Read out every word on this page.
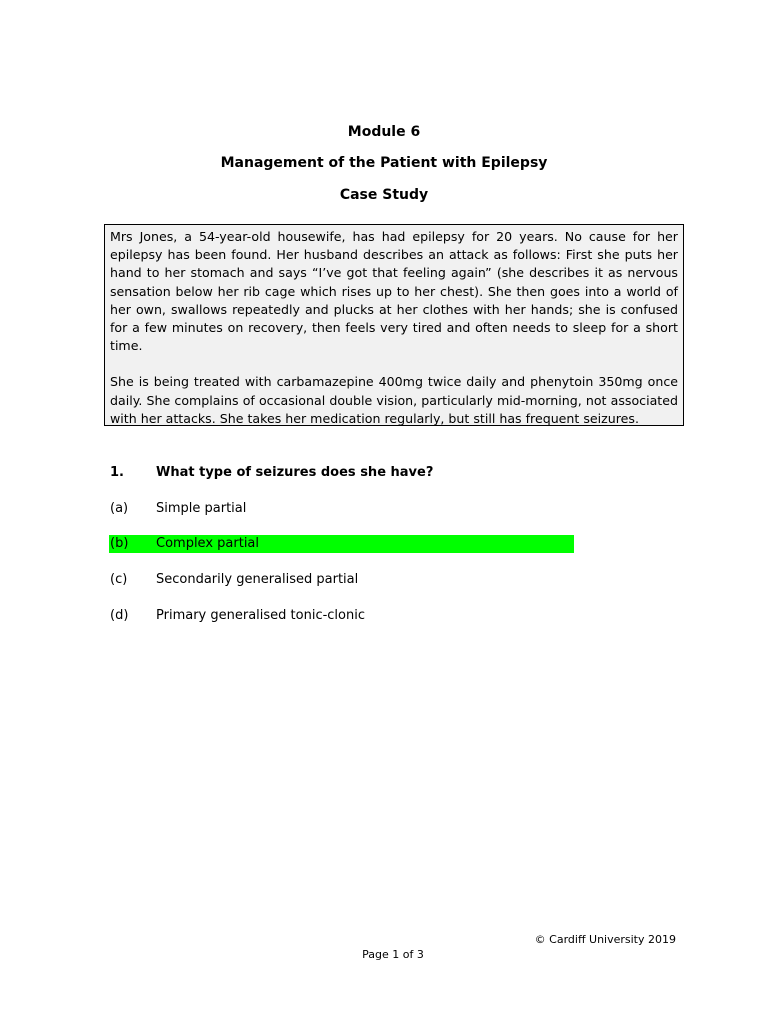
Module 6
Management of the Patient with Epilepsy
Case Study

Mrs Jones, a 54-year-old housewife, has had epilepsy for 20 years. No cause for her epilepsy has been found. Her husband describes an attack as follows: First she puts her hand to her stomach and says “I’ve got that feeling again” (she describes it as nervous sensation below her rib cage which rises up to her chest). She then goes into a world of her own, swallows repeatedly and plucks at her clothes with her hands; she is confused for a few minutes on recovery, then feels very tired and often needs to sleep for a short time.

She is being treated with carbamazepine 400mg twice daily and phenytoin 350mg once daily. She complains of occasional double vision, particularly mid-morning, not associated with her attacks. She takes her medication regularly, but still has frequent seizures.

1. What type of seizures does she have?
(a) Simple partial
(b) Complex partial
(c) Secondarily generalised partial
(d) Primary generalised tonic-clonic
© Cardiff University 2019
Page 1 of 3
